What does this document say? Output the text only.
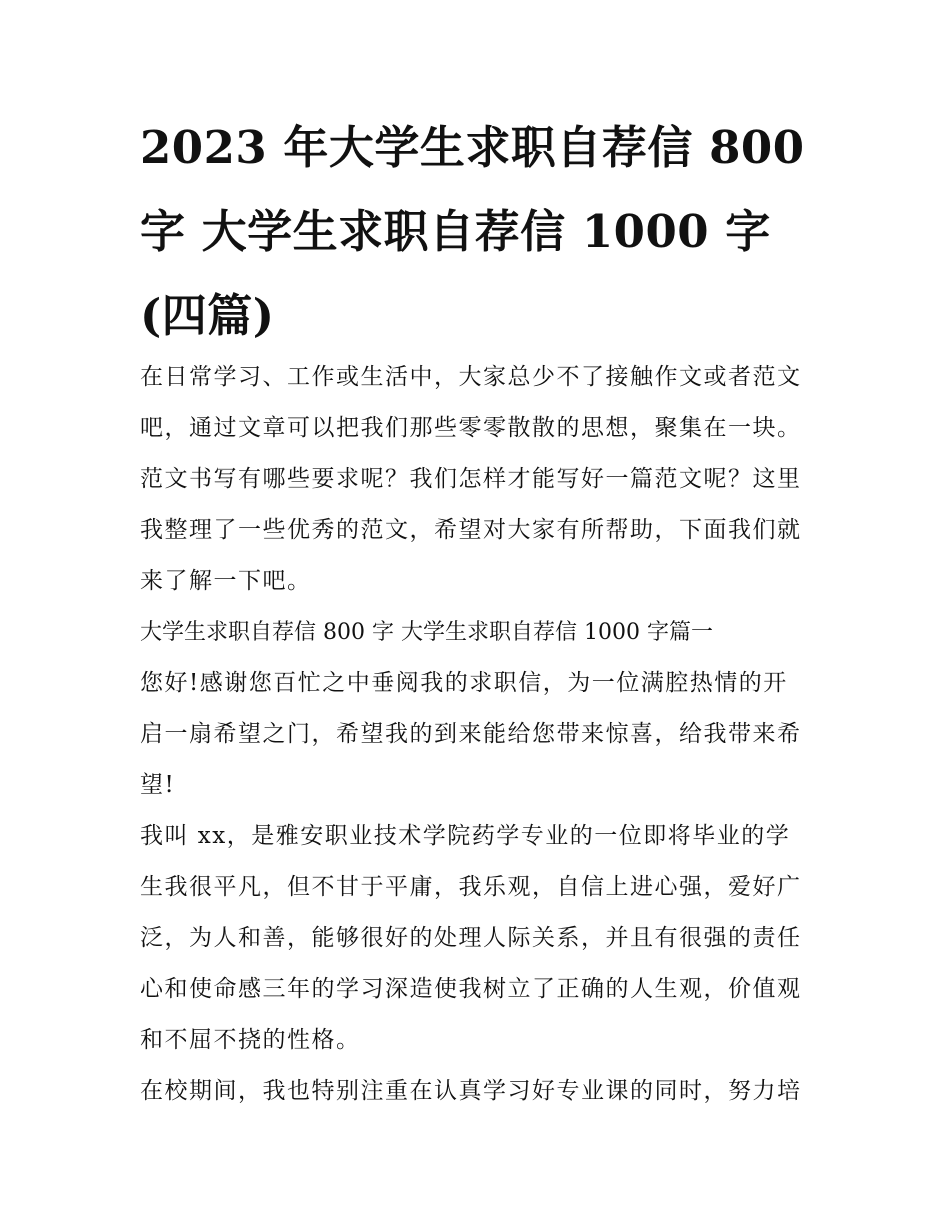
2023 年大学生求职自荐信 800
字 大学生求职自荐信 1000 字
(四篇)

在日常学习、工作或生活中，大家总少不了接触作文或者范文
吧，通过文章可以把我们那些零零散散的思想，聚集在一块。
范文书写有哪些要求呢？我们怎样才能写好一篇范文呢？这里
我整理了一些优秀的范文，希望对大家有所帮助，下面我们就
来了解一下吧。

大学生求职自荐信 800 字 大学生求职自荐信 1000 字篇一

您好!感谢您百忙之中垂阅我的求职信，为一位满腔热情的开
启一扇希望之门，希望我的到来能给您带来惊喜，给我带来希
望!

我叫 xx，是雅安职业技术学院药学专业的一位即将毕业的学
生我很平凡，但不甘于平庸，我乐观，自信上进心强，爱好广
泛，为人和善，能够很好的处理人际关系，并且有很强的责任
心和使命感三年的学习深造使我树立了正确的人生观，价值观
和不屈不挠的性格。

在校期间，我也特别注重在认真学习好专业课的同时，努力培
